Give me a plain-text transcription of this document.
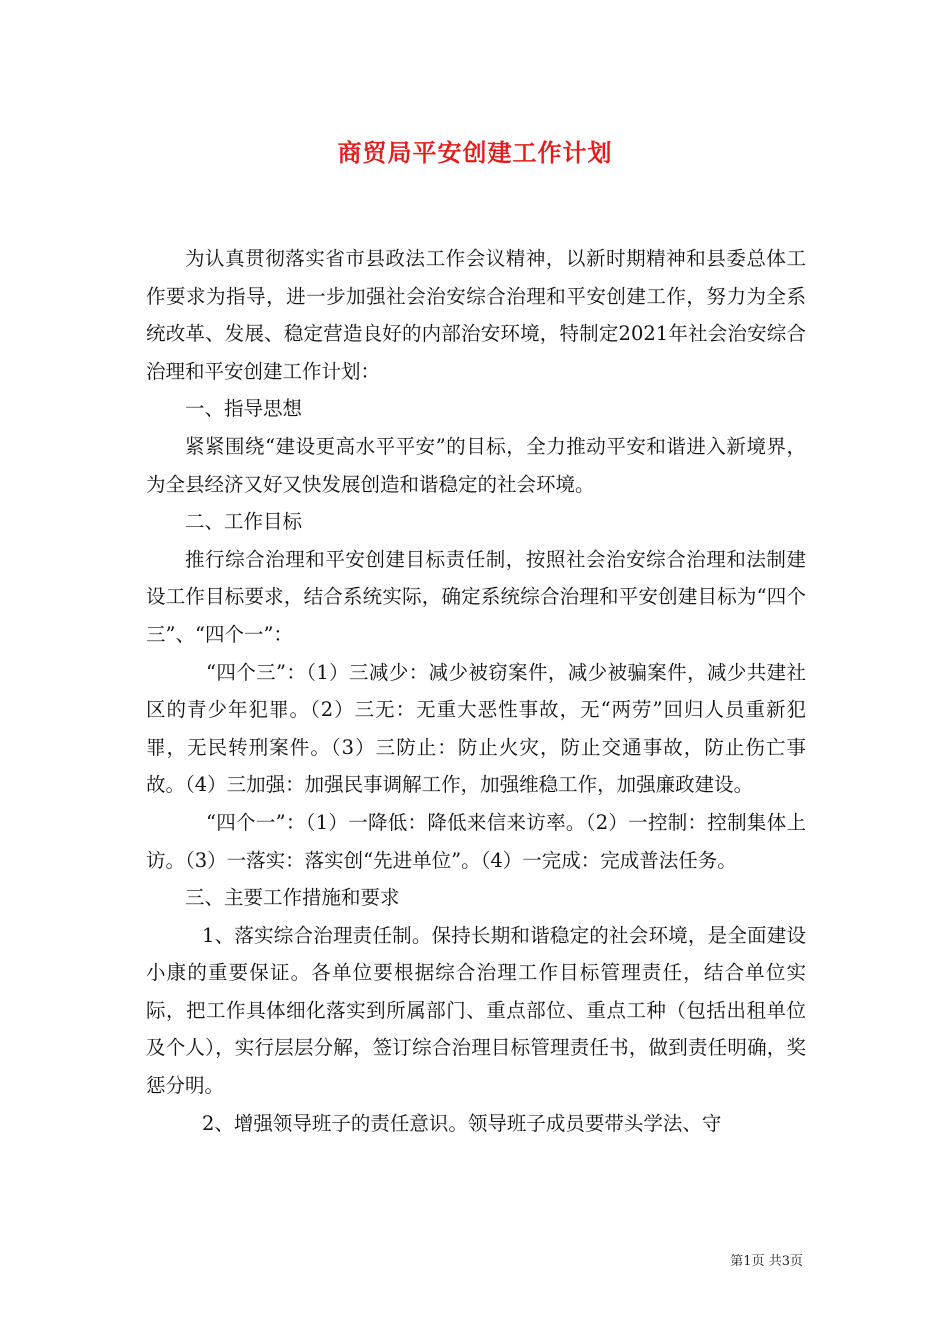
商贸局平安创建工作计划

为认真贯彻落实省市县政法工作会议精神，以新时期精神和县委总体工作要求为指导，进一步加强社会治安综合治理和平安创建工作，努力为全系统改革、发展、稳定营造良好的内部治安环境，特制定2021年社会治安综合治理和平安创建工作计划：

一、指导思想

紧紧围绕“建设更高水平平安”的目标，全力推动平安和谐进入新境界，为全县经济又好又快发展创造和谐稳定的社会环境。

二、工作目标

推行综合治理和平安创建目标责任制，按照社会治安综合治理和法制建设工作目标要求，结合系统实际，确定系统综合治理和平安创建目标为“四个三”、“四个一”：

“四个三”：（1）三减少：减少被窃案件，减少被骗案件，减少共建社区的青少年犯罪。（2）三无：无重大恶性事故，无“两劳”回归人员重新犯罪，无民转刑案件。（3）三防止：防止火灾，防止交通事故，防止伤亡事故。（4）三加强：加强民事调解工作，加强维稳工作，加强廉政建设。

“四个一”：（1）一降低：降低来信来访率。（2）一控制：控制集体上访。（3）一落实：落实创“先进单位”。（4）一完成：完成普法任务。

三、主要工作措施和要求

1、落实综合治理责任制。保持长期和谐稳定的社会环境，是全面建设小康的重要保证。各单位要根据综合治理工作目标管理责任，结合单位实际，把工作具体细化落实到所属部门、重点部位、重点工种（包括出租单位及个人），实行层层分解，签订综合治理目标管理责任书，做到责任明确，奖惩分明。

2、增强领导班子的责任意识。领导班子成员要带头学法、守

第1页 共3页
